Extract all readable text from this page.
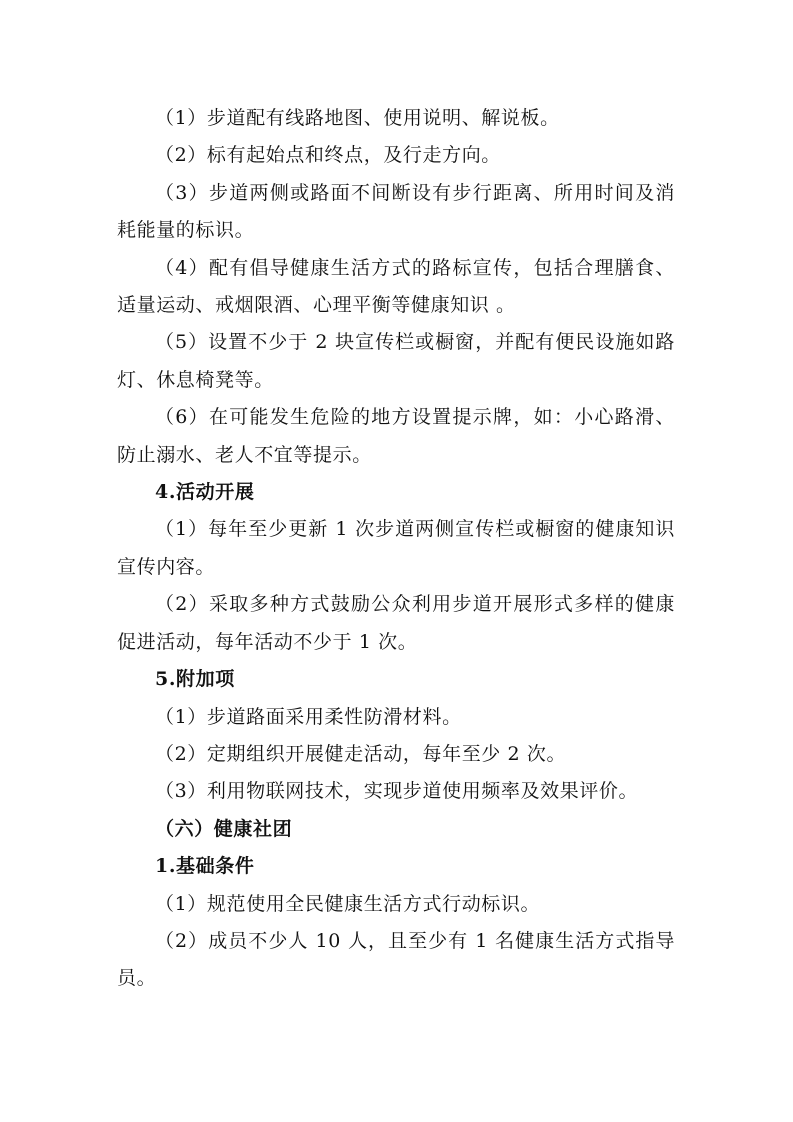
（1）步道配有线路地图、使用说明、解说板。

（2）标有起始点和终点，及行走方向。

（3）步道两侧或路面不间断设有步行距离、所用时间及消耗能量的标识。

（4）配有倡导健康生活方式的路标宣传，包括合理膳食、适量运动、戒烟限酒、心理平衡等健康知识 。

（5）设置不少于 2 块宣传栏或橱窗，并配有便民设施如路灯、休息椅凳等。

（6）在可能发生危险的地方设置提示牌，如：小心路滑、防止溺水、老人不宜等提示。

4.活动开展

（1）每年至少更新 1 次步道两侧宣传栏或橱窗的健康知识宣传内容。

（2）采取多种方式鼓励公众利用步道开展形式多样的健康促进活动，每年活动不少于 1 次。

5.附加项

（1）步道路面采用柔性防滑材料。

（2）定期组织开展健走活动，每年至少 2 次。

（3）利用物联网技术，实现步道使用频率及效果评价。

（六）健康社团

1.基础条件

（1）规范使用全民健康生活方式行动标识。

（2）成员不少人 10 人，且至少有 1 名健康生活方式指导员。
